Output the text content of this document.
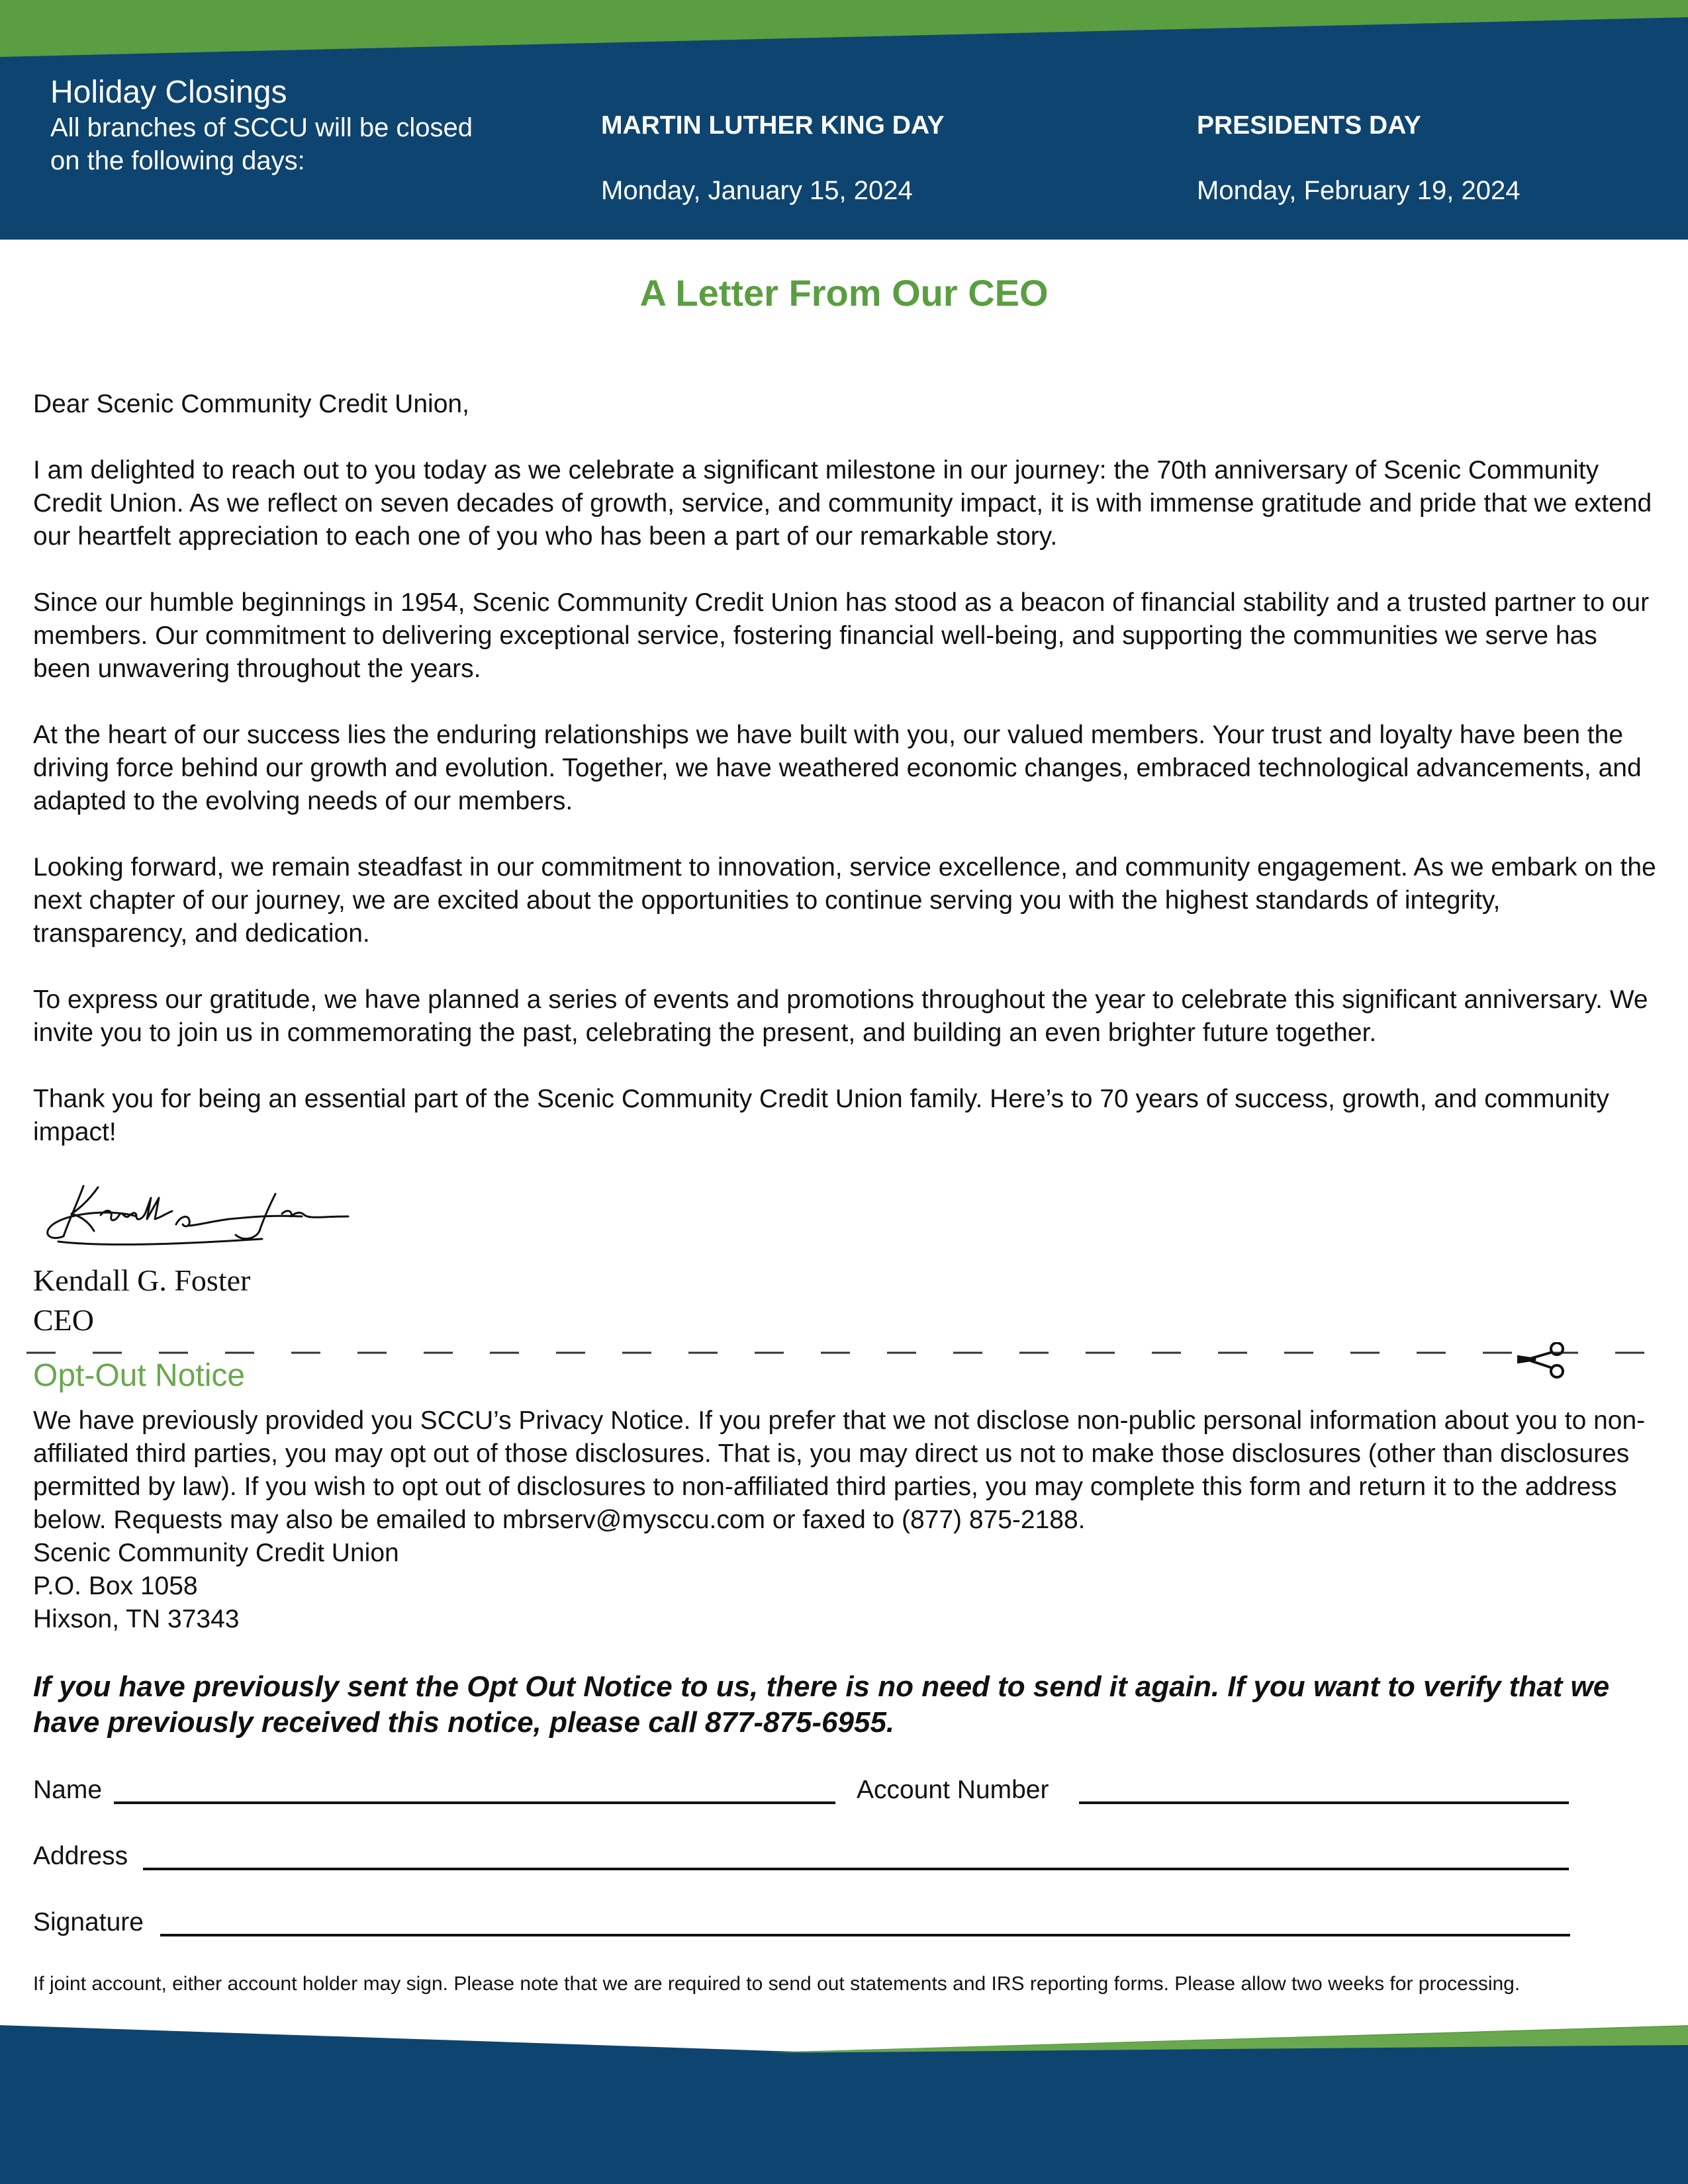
Holiday Closings
All branches of SCCU will be closed
on the following days:
MARTIN LUTHER KING DAY
Monday, January 15, 2024
PRESIDENTS DAY
Monday, February 19, 2024
A Letter From Our CEO

Dear Scenic Community Credit Union,

I am delighted to reach out to you today as we celebrate a significant milestone in our journey: the 70th anniversary of Scenic Community Credit Union. As we reflect on seven decades of growth, service, and community impact, it is with immense gratitude and pride that we extend our heartfelt appreciation to each one of you who has been a part of our remarkable story.

Since our humble beginnings in 1954, Scenic Community Credit Union has stood as a beacon of financial stability and a trusted partner to our members. Our commitment to delivering exceptional service, fostering financial well-being, and supporting the communities we serve has been unwavering throughout the years.

At the heart of our success lies the enduring relationships we have built with you, our valued members. Your trust and loyalty have been the driving force behind our growth and evolution. Together, we have weathered economic changes, embraced technological advancements, and adapted to the evolving needs of our members.

Looking forward, we remain steadfast in our commitment to innovation, service excellence, and community engagement. As we embark on the next chapter of our journey, we are excited about the opportunities to continue serving you with the highest standards of integrity, transparency, and dedication.

To express our gratitude, we have planned a series of events and promotions throughout the year to celebrate this significant anniversary. We invite you to join us in commemorating the past, celebrating the present, and building an even brighter future together.

Thank you for being an essential part of the Scenic Community Credit Union family. Here’s to 70 years of success, growth, and community impact!

Kendall G. Foster
CEO
Opt-Out Notice

We have previously provided you SCCU’s Privacy Notice. If you prefer that we not disclose non-public personal information about you to non-affiliated third parties, you may opt out of those disclosures. That is, you may direct us not to make those disclosures (other than disclosures permitted by law). If you wish to opt out of disclosures to non-affiliated third parties, you may complete this form and return it to the address below. Requests may also be emailed to mbrserv@mysccu.com or faxed to (877) 875-2188.

Scenic Community Credit Union

P.O. Box 1058

Hixson, TN 37343

If you have previously sent the Opt Out Notice to us, there is no need to send it again. If you want to verify that we have previously received this notice, please call 877-875-6955.
Name	Account Number
Address
Signature
If joint account, either account holder may sign. Please note that we are required to send out statements and IRS reporting forms. Please allow two weeks for processing.
